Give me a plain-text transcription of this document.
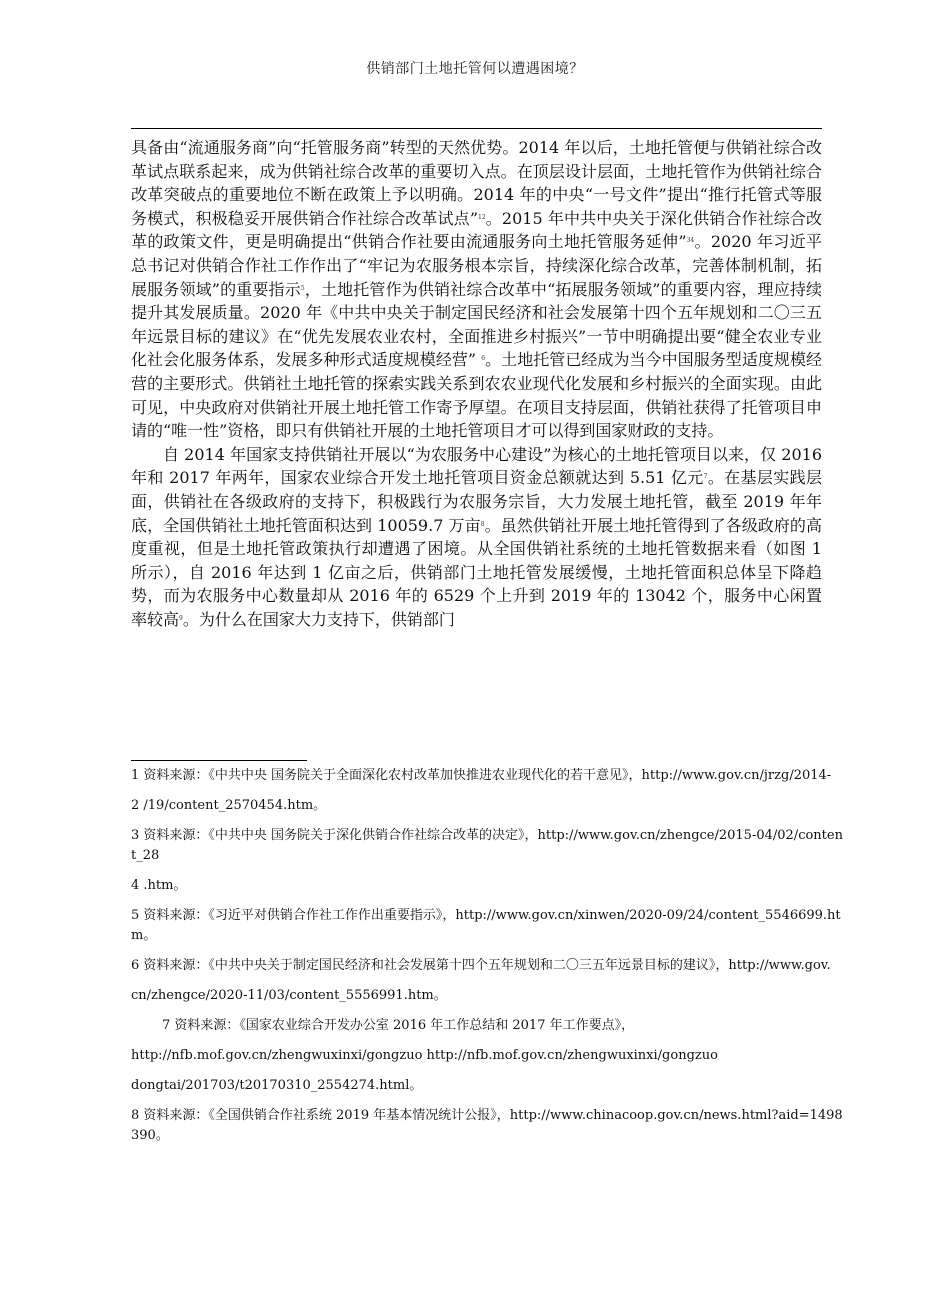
供销部门土地托管何以遭遇困境？

具备由“流通服务商”向“托管服务商”转型的天然优势。2014 年以后，土地托管便与供销社综合改革试点联系起来，成为供销社综合改革的重要切入点。在顶层设计层面，土地托管作为供销社综合改革突破点的重要地位不断在政策上予以明确。2014 年的中央“一号文件”提出“推行托管式等服务模式，积极稳妥开展供销合作社综合改革试点”$^{12}$。2015 年中共中央关于深化供销合作社综合改革的政策文件，更是明确提出“供销合作社要由流通服务向土地托管服务延伸”$^{34}$。2020 年习近平总书记对供销合作社工作作出了“牢记为农服务根本宗旨，持续深化综合改革，完善体制机制，拓展服务领域”的重要指示$^5$，土地托管作为供销社综合改革中“拓展服务领域”的重要内容，理应持续提升其发展质量。2020 年《中共中央关于制定国民经济和社会发展第十四个五年规划和二〇三五年远景目标的建议》在“优先发展农业农村，全面推进乡村振兴”一节中明确提出要“健全农业专业化社会化服务体系，发展多种形式适度规模经营” $^6$。土地托管已经成为当今中国服务型适度规模经营的主要形式。供销社土地托管的探索实践关系到农农业现代化发展和乡村振兴的全面实现。由此可见，中央政府对供销社开展土地托管工作寄予厚望。在项目支持层面，供销社获得了托管项目申请的“唯一性”资格，即只有供销社开展的土地托管项目才可以得到国家财政的支持。

自 2014 年国家支持供销社开展以“为农服务中心建设”为核心的土地托管项目以来，仅 2016 年和 2017 年两年，国家农业综合开发土地托管项目资金总额就达到 5.51 亿元$^7$。在基层实践层面，供销社在各级政府的支持下，积极践行为农服务宗旨，大力发展土地托管，截至 2019 年年底，全国供销社土地托管面积达到 10059.7 万亩$^8$。虽然供销社开展土地托管得到了各级政府的高度重视，但是土地托管政策执行却遭遇了困境。从全国供销社系统的土地托管数据来看（如图 1 所示），自 2016 年达到 1 亿亩之后，供销部门土地托管发展缓慢，土地托管面积总体呈下降趋势，而为农服务中心数量却从 2016 年的 6529 个上升到 2019 年的 13042 个，服务中心闲置率较高$^9$。为什么在国家大力支持下，供销部门

1 资料来源：《中共中央 国务院关于全面深化农村改革加快推进农业现代化的若干意见》，http://www.gov.cn/jrzg/2014-

2 /19/content_2570454.htm。

3 资料来源：《中共中央 国务院关于深化供销合作社综合改革的决定》，http://www.gov.cn/zhengce/2015-04/02/content_28

4 .htm。

5 资料来源：《习近平对供销合作社工作作出重要指示》，http://www.gov.cn/xinwen/2020-09/24/content_5546699.htm。

6 资料来源：《中共中央关于制定国民经济和社会发展第十四个五年规划和二〇三五年远景目标的建议》，http://www.gov.

cn/zhengce/2020-11/03/content_5556991.htm。

7 资料来源：《国家农业综合开发办公室 2016 年工作总结和 2017 年工作要点》，

http://nfb.mof.gov.cn/zhengwuxinxi/gongzuo http://nfb.mof.gov.cn/zhengwuxinxi/gongzuo

dongtai/201703/t20170310_2554274.html。

8 资料来源：《全国供销合作社系统 2019 年基本情况统计公报》，http://www.chinacoop.gov.cn/news.html?aid=1498390。
